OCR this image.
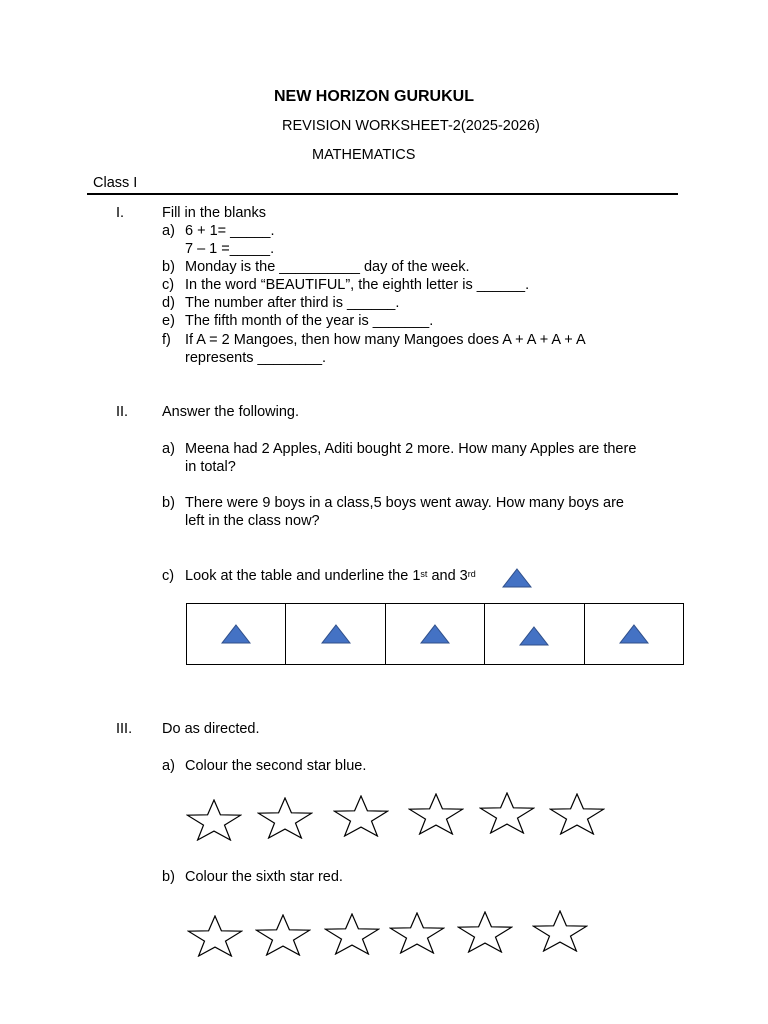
NEW HORIZON GURUKUL
REVISION WORKSHEET-2(2025-2026)
MATHEMATICS
Class I
I.	Fill in the blanks
a) 6 + 1= _____.
7 – 1 =_____.
b) Monday is the __________ day of the week.
c) In the word “BEAUTIFUL”, the eighth letter is ______.
d) The number after third is ______.
e) The fifth month of the year is _______.
f) If A = 2 Mangoes, then how many Mangoes does A + A + A + A
represents ________.
II. Answer the following.
a) Meena had 2 Apples, Aditi bought 2 more. How many Apples are there
in total?
b) There were 9 boys in a class,5 boys went away. How many boys are
left in the class now?
c) Look at the table and underline the 1st and 3rd

III. Do as directed.
a) Colour the second star blue.
b) Colour the sixth star red.
